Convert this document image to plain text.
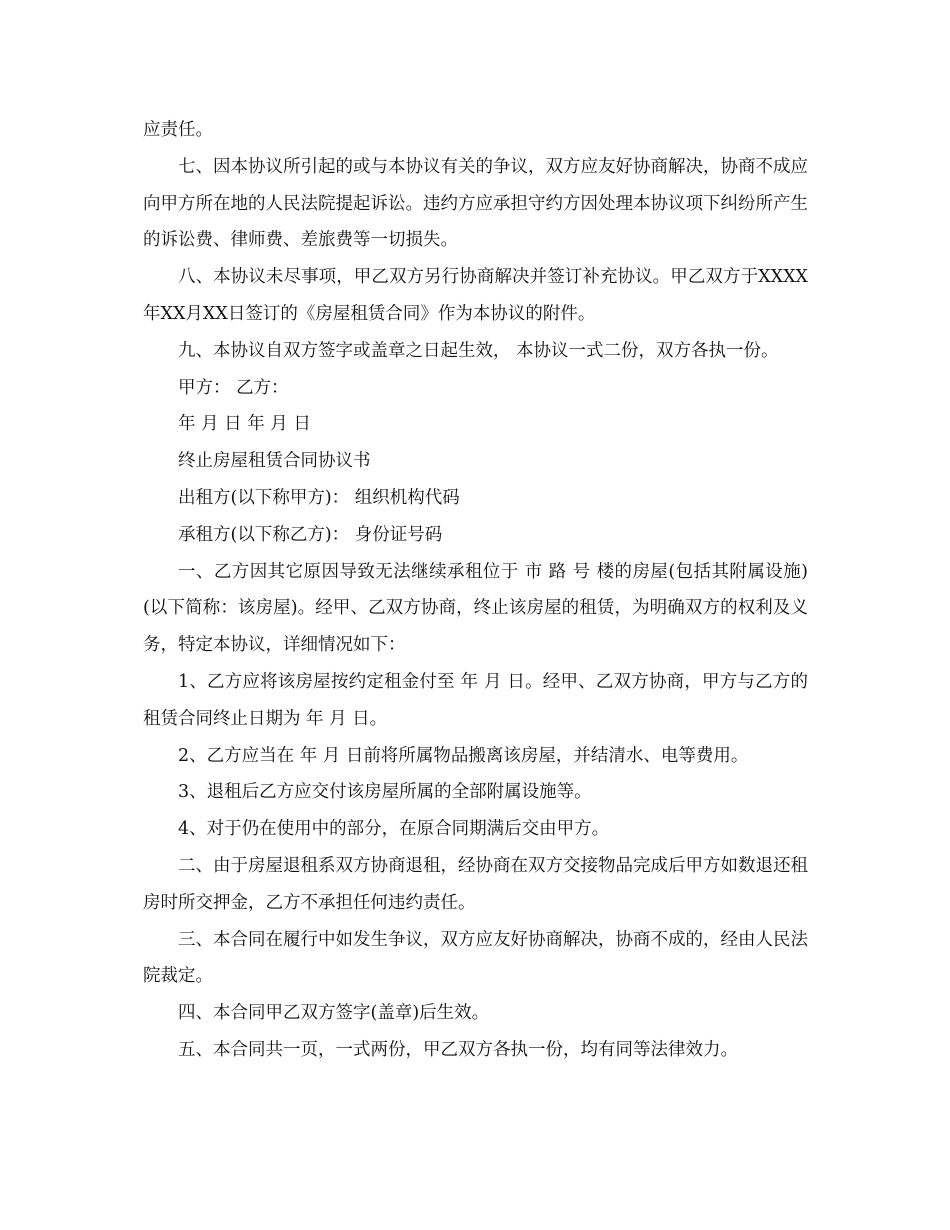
应责任。

七、因本协议所引起的或与本协议有关的争议，双方应友好协商解决，协商不成应向甲方所在地的人民法院提起诉讼。违约方应承担守约方因处理本协议项下纠纷所产生的诉讼费、律师费、差旅费等一切损失。

八、本协议未尽事项，甲乙双方另行协商解决并签订补充协议。甲乙双方于XXXX年XX月XX日签订的《房屋租赁合同》作为本协议的附件。

九、本协议自双方签字或盖章之日起生效， 本协议一式二份，双方各执一份。

甲方： 乙方：

年 月 日 年 月 日

终止房屋租赁合同协议书

出租方(以下称甲方)： 组织机构代码

承租方(以下称乙方)： 身份证号码

一、乙方因其它原因导致无法继续承租位于 市 路 号 楼的房屋(包括其附属设施)(以下简称：该房屋)。经甲、乙双方协商，终止该房屋的租赁，为明确双方的权利及义务，特定本协议，详细情况如下：

1、乙方应将该房屋按约定租金付至 年 月 日。经甲、乙双方协商，甲方与乙方的租赁合同终止日期为 年 月 日。

2、乙方应当在 年 月 日前将所属物品搬离该房屋，并结清水、电等费用。

3、退租后乙方应交付该房屋所属的全部附属设施等。

4、对于仍在使用中的部分，在原合同期满后交由甲方。

二、由于房屋退租系双方协商退租，经协商在双方交接物品完成后甲方如数退还租房时所交押金，乙方不承担任何违约责任。

三、本合同在履行中如发生争议，双方应友好协商解决，协商不成的，经由人民法院裁定。

四、本合同甲乙双方签字(盖章)后生效。

五、本合同共一页，一式两份，甲乙双方各执一份，均有同等法律效力。
